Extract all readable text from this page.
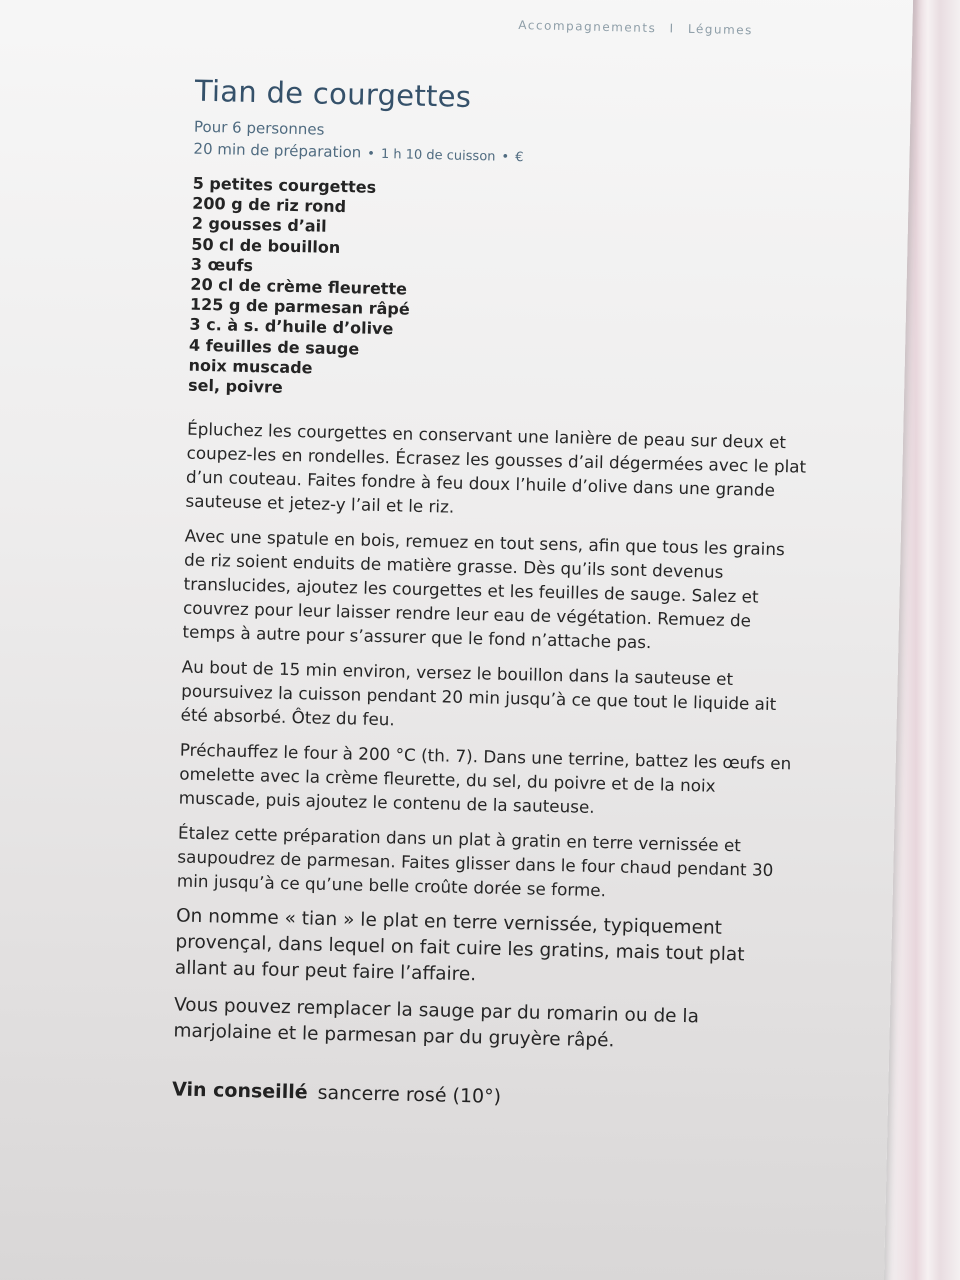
Accompagnements I Légumes
Tian de courgettes
Pour 6 personnes
20 min de préparation • 1 h 10 de cuisson • €
5 petites courgettes
200 g de riz rond
2 gousses d’ail
50 cl de bouillon
3 œufs
20 cl de crème fleurette
125 g de parmesan râpé
3 c. à s. d’huile d’olive
4 feuilles de sauge
noix muscade
sel, poivre

Épluchez les courgettes en conservant une lanière de peau sur deux et coupez-les en rondelles. Écrasez les gousses d’ail dégermées avec le plat d’un couteau. Faites fondre à feu doux l’huile d’olive dans une grande sauteuse et jetez-y l’ail et le riz.

Avec une spatule en bois, remuez en tout sens, afin que tous les grains de riz soient enduits de matière grasse. Dès qu’ils sont devenus translucides, ajoutez les courgettes et les feuilles de sauge. Salez et couvrez pour leur laisser rendre leur eau de végétation. Remuez de temps à autre pour s’assurer que le fond n’attache pas.

Au bout de 15 min environ, versez le bouillon dans la sauteuse et poursuivez la cuisson pendant 20 min jusqu’à ce que tout le liquide ait été absorbé. Ôtez du feu.

Préchauffez le four à 200 °C (th. 7). Dans une terrine, battez les œufs en omelette avec la crème fleurette, du sel, du poivre et de la noix muscade, puis ajoutez le contenu de la sauteuse.

Étalez cette préparation dans un plat à gratin en terre vernissée et saupoudrez de parmesan. Faites glisser dans le four chaud pendant 30 min jusqu’à ce qu’une belle croûte dorée se forme.

On nomme « tian » le plat en terre vernissée, typiquement provençal, dans lequel on fait cuire les gratins, mais tout plat allant au four peut faire l’affaire.

Vous pouvez remplacer la sauge par du romarin ou de la marjolaine et le parmesan par du gruyère râpé.

Vin conseillé sancerre rosé (10°)
